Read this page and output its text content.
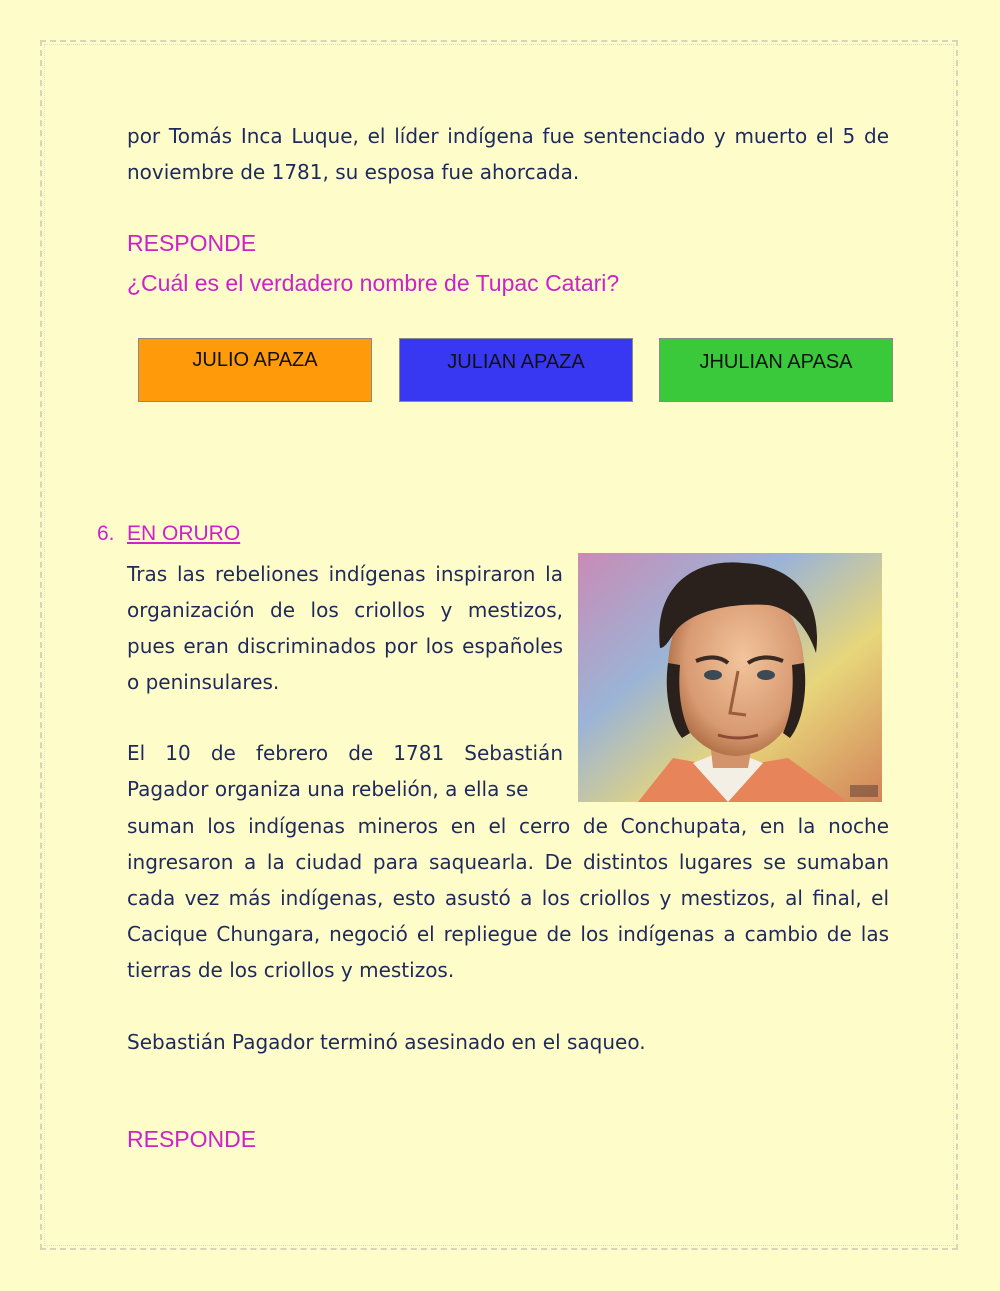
por Tomás Inca Luque, el líder indígena fue sentenciado y muerto el 5 de noviembre de 1781, su esposa fue ahorcada.

RESPONDE

¿Cuál es el verdadero nombre de Tupac Catari?

JULIO APAZA	JULIAN APAZA	JHULIAN APASA
6. EN ORURO

Tras las rebeliones indígenas inspiraron la organización de los criollos y mestizos, pues eran discriminados por los españoles o peninsulares.

El 10 de febrero de 1781 Sebastián Pagador organiza una rebelión, a ella se

suman los indígenas mineros en el cerro de Conchupata, en la noche ingresaron a la ciudad para saquearla. De distintos lugares se sumaban cada vez más indígenas, esto asustó a los criollos y mestizos, al final, el Cacique Chungara, negoció el repliegue de los indígenas a cambio de las tierras de los criollos y mestizos.

Sebastián Pagador terminó asesinado en el saqueo.

RESPONDE
